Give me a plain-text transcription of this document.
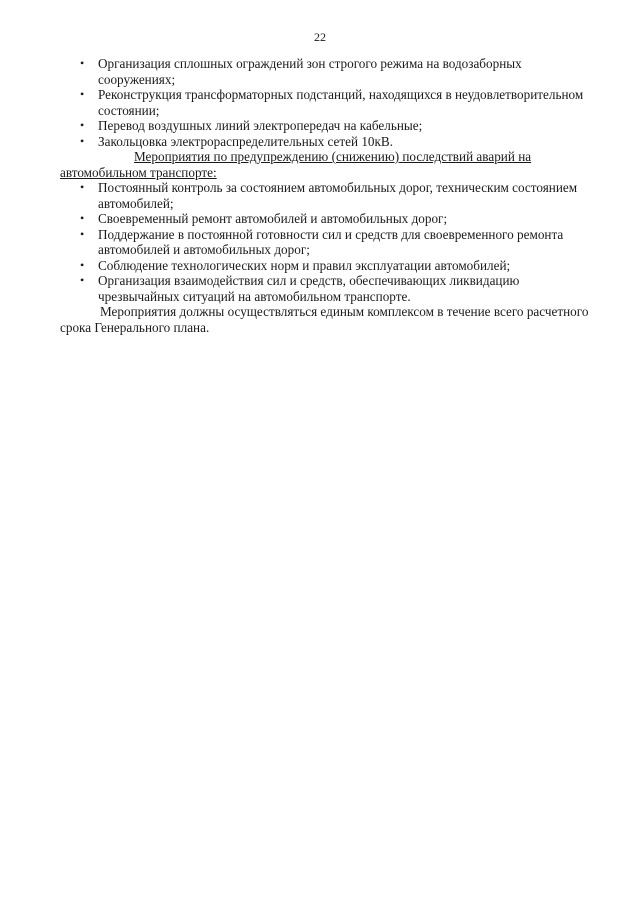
22
• Организация сплошных ограждений зон строгого режима на водозаборных сооружениях;
• Реконструкция трансформаторных подстанций, находящихся в неудовлетворительном состоянии;
• Перевод воздушных линий электропередач на кабельные;
• Закольцовка электрораспределительных сетей 10кВ.

Мероприятия по предупреждению (снижению) последствий аварий на автомобильном транспорте:

• Постоянный контроль за состоянием автомобильных дорог, техническим состоянием автомобилей;
• Своевременный ремонт автомобилей и автомобильных дорог;
• Поддержание в постоянной готовности сил и средств для своевременного ремонта автомобилей и автомобильных дорог;
• Соблюдение технологических норм и правил эксплуатации автомобилей;
• Организация взаимодействия сил и средств, обеспечивающих ликвидацию чрезвычайных ситуаций на автомобильном транспорте.

Мероприятия должны осуществляться единым комплексом в течение всего расчетного срока Генерального плана.
